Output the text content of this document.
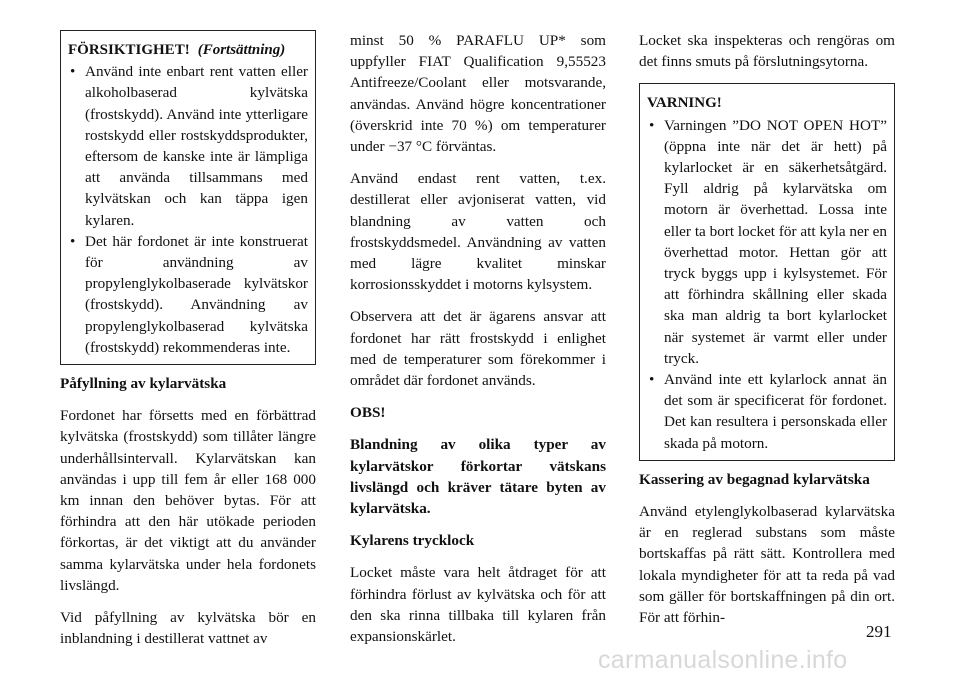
FÖRSIKTIGHET! (Fortsättning)
• Använd inte enbart rent vatten eller alkoholbaserad kylvätska (frostskydd). Använd inte ytterligare rostskydd eller rostskyddsprodukter, eftersom de kanske inte är lämpliga att använda tillsammans med kylvätskan och kan täppa igen kylaren.
• Det här fordonet är inte konstruerat för användning av propylenglykolbaserade kylvätskor (frostskydd). Användning av propylenglykolbaserad kylvätska (frostskydd) rekommenderas inte.

Påfyllning av kylarvätska

Fordonet har försetts med en förbättrad kylvätska (frostskydd) som tillåter längre underhållsintervall. Kylarvätskan kan användas i upp till fem år eller 168 000 km innan den behöver bytas. För att förhindra att den här utökade perioden förkortas, är det viktigt att du använder samma kylarvätska under hela fordonets livslängd.

Vid påfyllning av kylvätska bör en inblandning i destillerat vattnet av

minst 50 % PARAFLU UP* som uppfyller FIAT Qualification 9,55523 Antifreeze/Coolant eller motsvarande, användas. Använd högre koncentrationer (överskrid inte 70 %) om temperaturer under −37 °C förväntas.

Använd endast rent vatten, t.ex. destillerat eller avjoniserat vatten, vid blandning av vatten och frostskyddsmedel. Användning av vatten med lägre kvalitet minskar korrosionsskyddet i motorns kylsystem.

Observera att det är ägarens ansvar att fordonet har rätt frostskydd i enlighet med de temperaturer som förekommer i området där fordonet används.

OBS!

Blandning av olika typer av kylarvätskor förkortar vätskans livslängd och kräver tätare byten av kylarvätska.

Kylarens trycklock

Locket måste vara helt åtdraget för att förhindra förlust av kylvätska och för att den ska rinna tillbaka till kylaren från expansionskärlet.

Locket ska inspekteras och rengöras om det finns smuts på förslutningsytorna.

VARNING!
• Varningen ”DO NOT OPEN HOT” (öppna inte när det är hett) på kylarlocket är en säkerhetsåtgärd. Fyll aldrig på kylarvätska om motorn är överhettad. Lossa inte eller ta bort locket för att kyla ner en överhettad motor. Hettan gör att tryck byggs upp i kylsystemet. För att förhindra skållning eller skada ska man aldrig ta bort kylarlocket när systemet är varmt eller under tryck.
• Använd inte ett kylarlock annat än det som är specificerat för fordonet. Det kan resultera i personskada eller skada på motorn.

Kassering av begagnad kylarvätska

Använd etylenglykolbaserad kylarvätska är en reglerad substans som måste bortskaffas på rätt sätt. Kontrollera med lokala myndigheter för att ta reda på vad som gäller för bortskaffningen på din ort. För att förhin-

291
carmanualsonline.info
